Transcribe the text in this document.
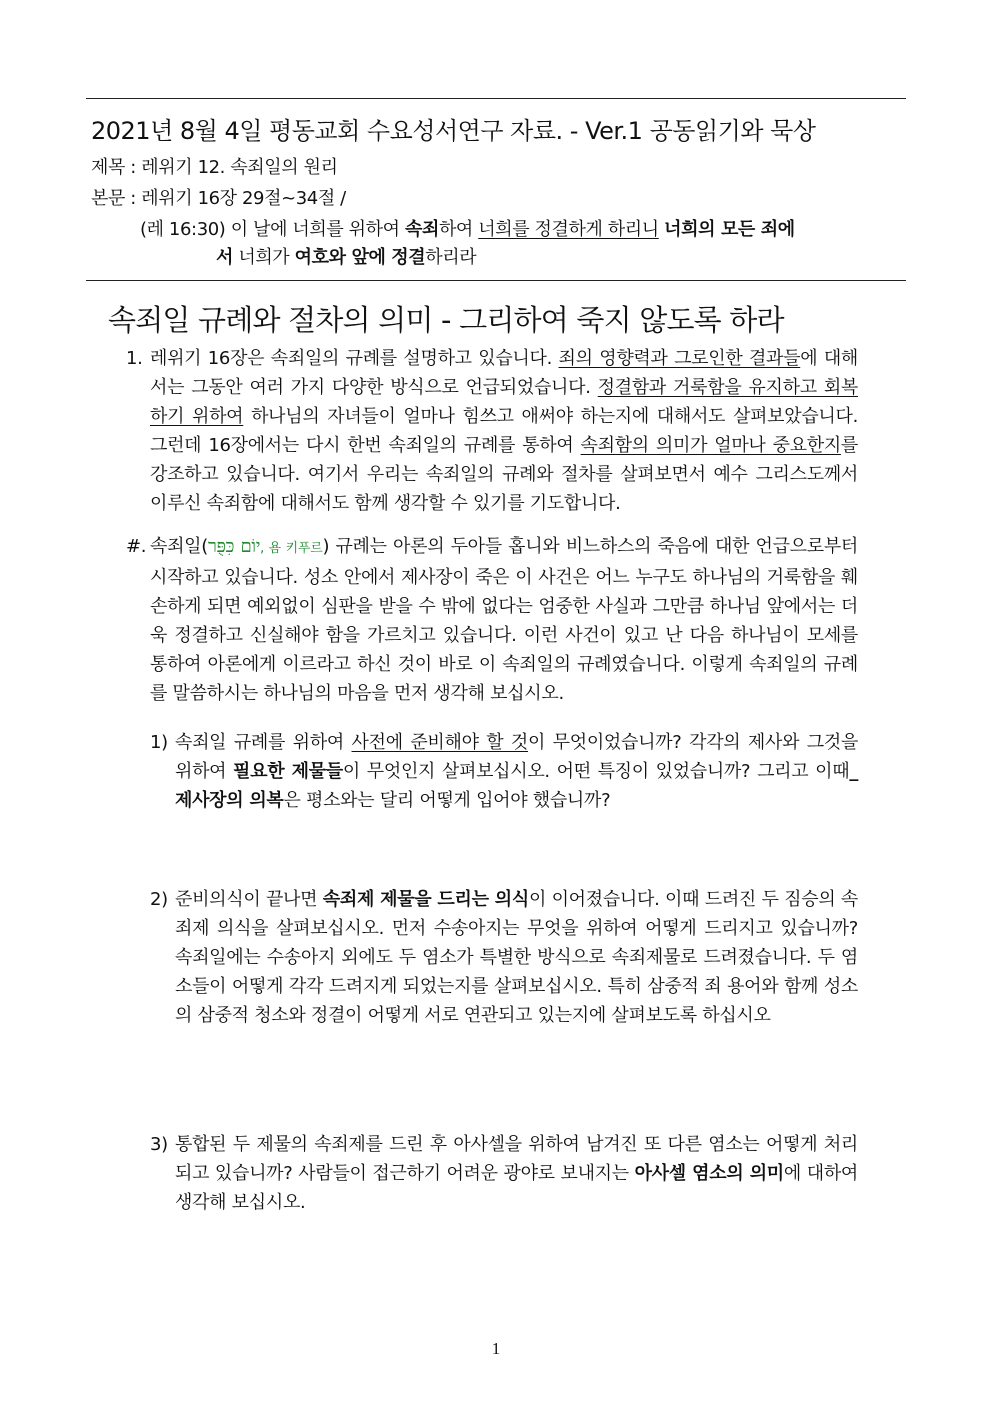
2021년 8월 4일 평동교회 수요성서연구 자료. - Ver.1 공동읽기와 묵상
제목 : 레위기 12. 속죄일의 원리
본문 : 레위기 16장 29절~34절 /
(레 16:30) 이 날에 너희를 위하여 속죄하여 너희를 정결하게 하리니 너희의 모든 죄에
서 너희가 여호와 앞에 정결하리라
속죄일 규례와 절차의 의미 - 그리하여 죽지 않도록 하라
1. 레위기 16장은 속죄일의 규례를 설명하고 있습니다. 죄의 영향력과 그로인한 결과들에 대해서는 그동안 여러 가지 다양한 방식으로 언급되었습니다. 정결함과 거룩함을 유지하고 회복하기 위하여 하나님의 자녀들이 얼마나 힘쓰고 애써야 하는지에 대해서도 살펴보았습니다. 그런데 16장에서는 다시 한번 속죄일의 규례를 통하여 속죄함의 의미가 얼마나 중요한지를 강조하고 있습니다. 여기서 우리는 속죄일의 규례와 절차를 살펴보면서 예수 그리스도께서 이루신 속죄함에 대해서도 함께 생각할 수 있기를 기도합니다.
#. 속죄일(יוֹם כִּפֻּר, 욤 키푸르) 규례는 아론의 두아들 홉니와 비느하스의 죽음에 대한 언급으로부터 시작하고 있습니다. 성소 안에서 제사장이 죽은 이 사건은 어느 누구도 하나님의 거룩함을 훼손하게 되면 예외없이 심판을 받을 수 밖에 없다는 엄중한 사실과 그만큼 하나님 앞에서는 더욱 정결하고 신실해야 함을 가르치고 있습니다. 이런 사건이 있고 난 다음 하나님이 모세를 통하여 아론에게 이르라고 하신 것이 바로 이 속죄일의 규례였습니다. 이렇게 속죄일의 규례를 말씀하시는 하나님의 마음을 먼저 생각해 보십시오.
1) 속죄일 규례를 위하여 사전에 준비해야 할 것이 무엇이었습니까? 각각의 제사와 그것을 위하여 필요한 제물들이 무엇인지 살펴보십시오. 어떤 특징이 있었습니까? 그리고 이때_제사장의 의복은 평소와는 달리 어떻게 입어야 했습니까?
2) 준비의식이 끝나면 속죄제 제물을 드리는 의식이 이어졌습니다. 이때 드려진 두 짐승의 속죄제 의식을 살펴보십시오. 먼저 수송아지는 무엇을 위하여 어떻게 드리지고 있습니까? 속죄일에는 수송아지 외에도 두 염소가 특별한 방식으로 속죄제물로 드려졌습니다. 두 염소들이 어떻게 각각 드려지게 되었는지를 살펴보십시오. 특히 삼중적 죄 용어와 함께 성소의 삼중적 청소와 정결이 어떻게 서로 연관되고 있는지에 살펴보도록 하십시오
3) 통합된 두 제물의 속죄제를 드린 후 아사셀을 위하여 남겨진 또 다른 염소는 어떻게 처리되고 있습니까? 사람들이 접근하기 어려운 광야로 보내지는 아사셀 염소의 의미에 대하여 생각해 보십시오.
1
